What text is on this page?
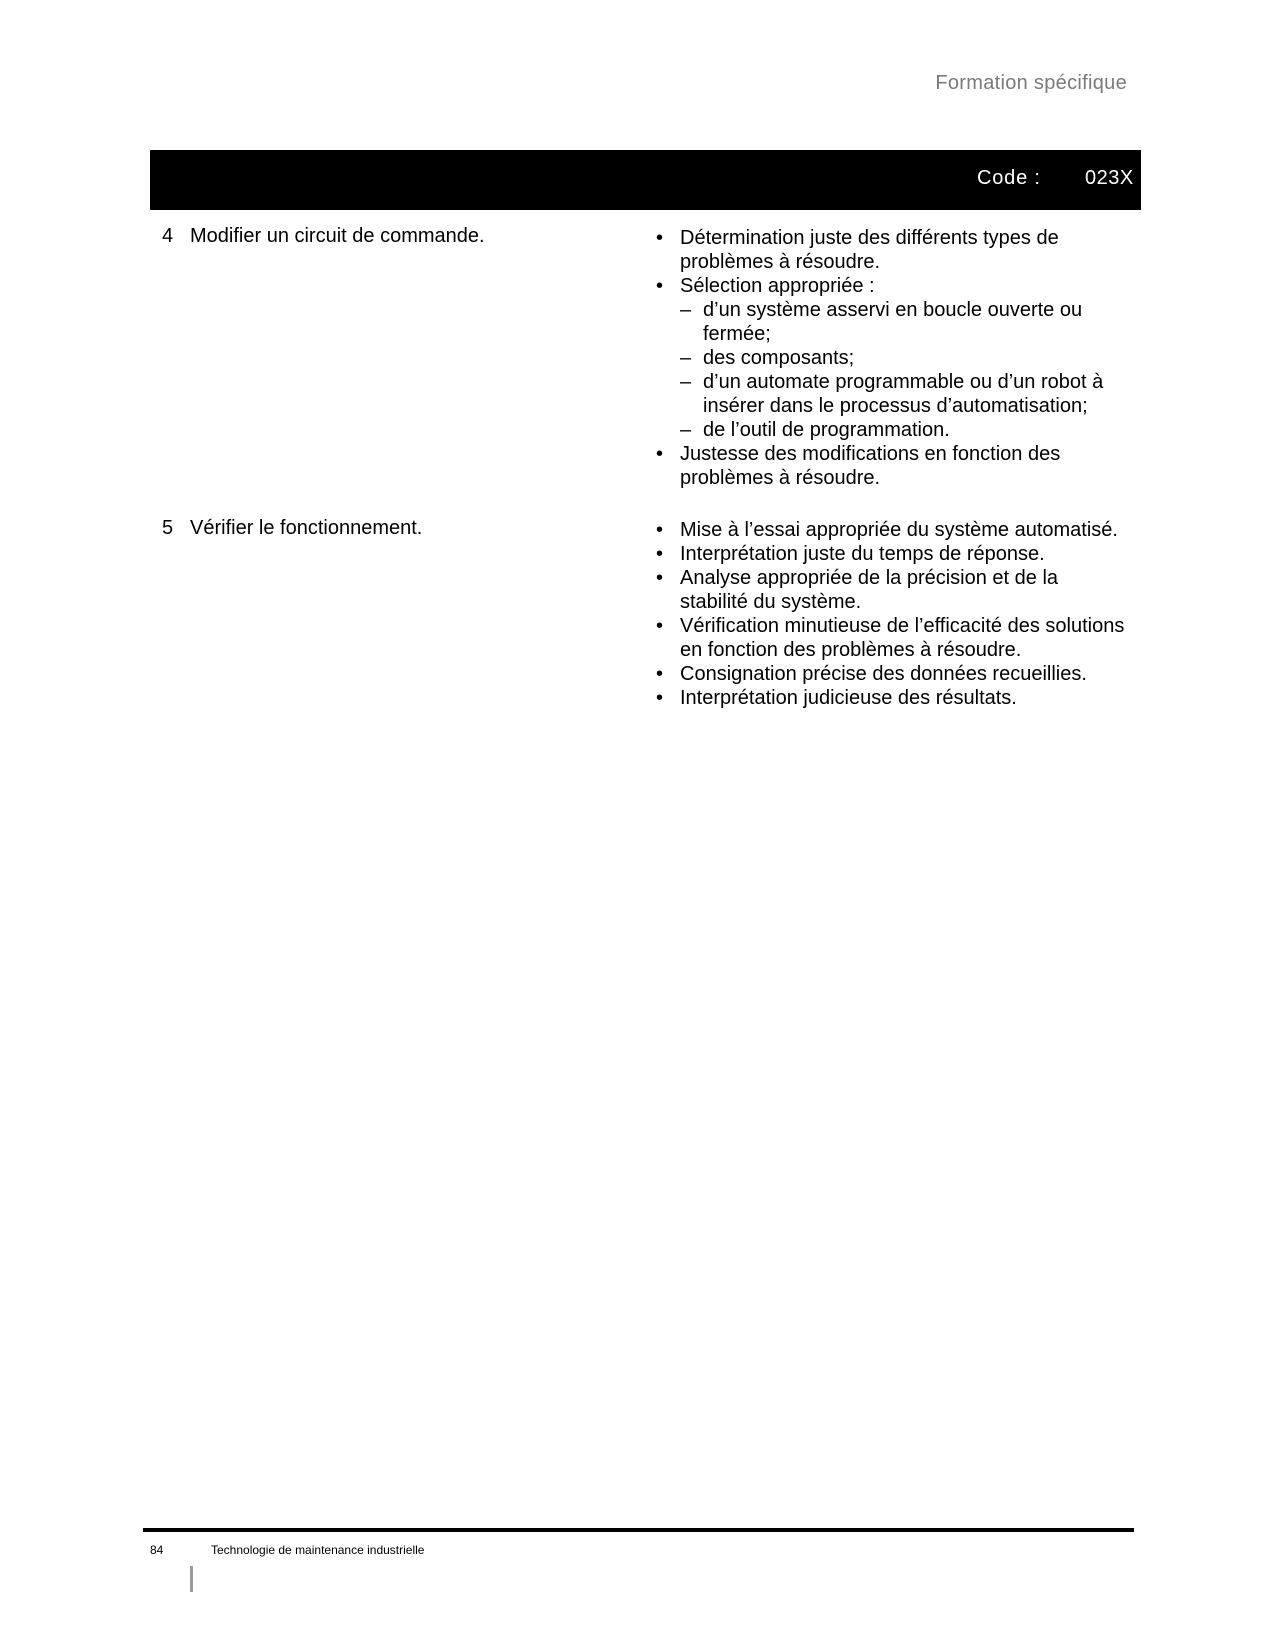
Formation spécifique
Code : 023X
4 Modifier un circuit de commande.	• Détermination juste des différents types de problèmes à résoudre.
• Sélection appropriée :
– d’un système asservi en boucle ouverte ou fermée;
– des composants;
– d’un automate programmable ou d’un robot à insérer dans le processus d’automatisation;
– de l’outil de programmation.
• Justesse des modifications en fonction des problèmes à résoudre.
5 Vérifier le fonctionnement.	• Mise à l’essai appropriée du système automatisé.
• Interprétation juste du temps de réponse.
• Analyse appropriée de la précision et de la stabilité du système.
• Vérification minutieuse de l’efficacité des solutions en fonction des problèmes à résoudre.
• Consignation précise des données recueillies.
• Interprétation judicieuse des résultats.
84	Technologie de maintenance industrielle
